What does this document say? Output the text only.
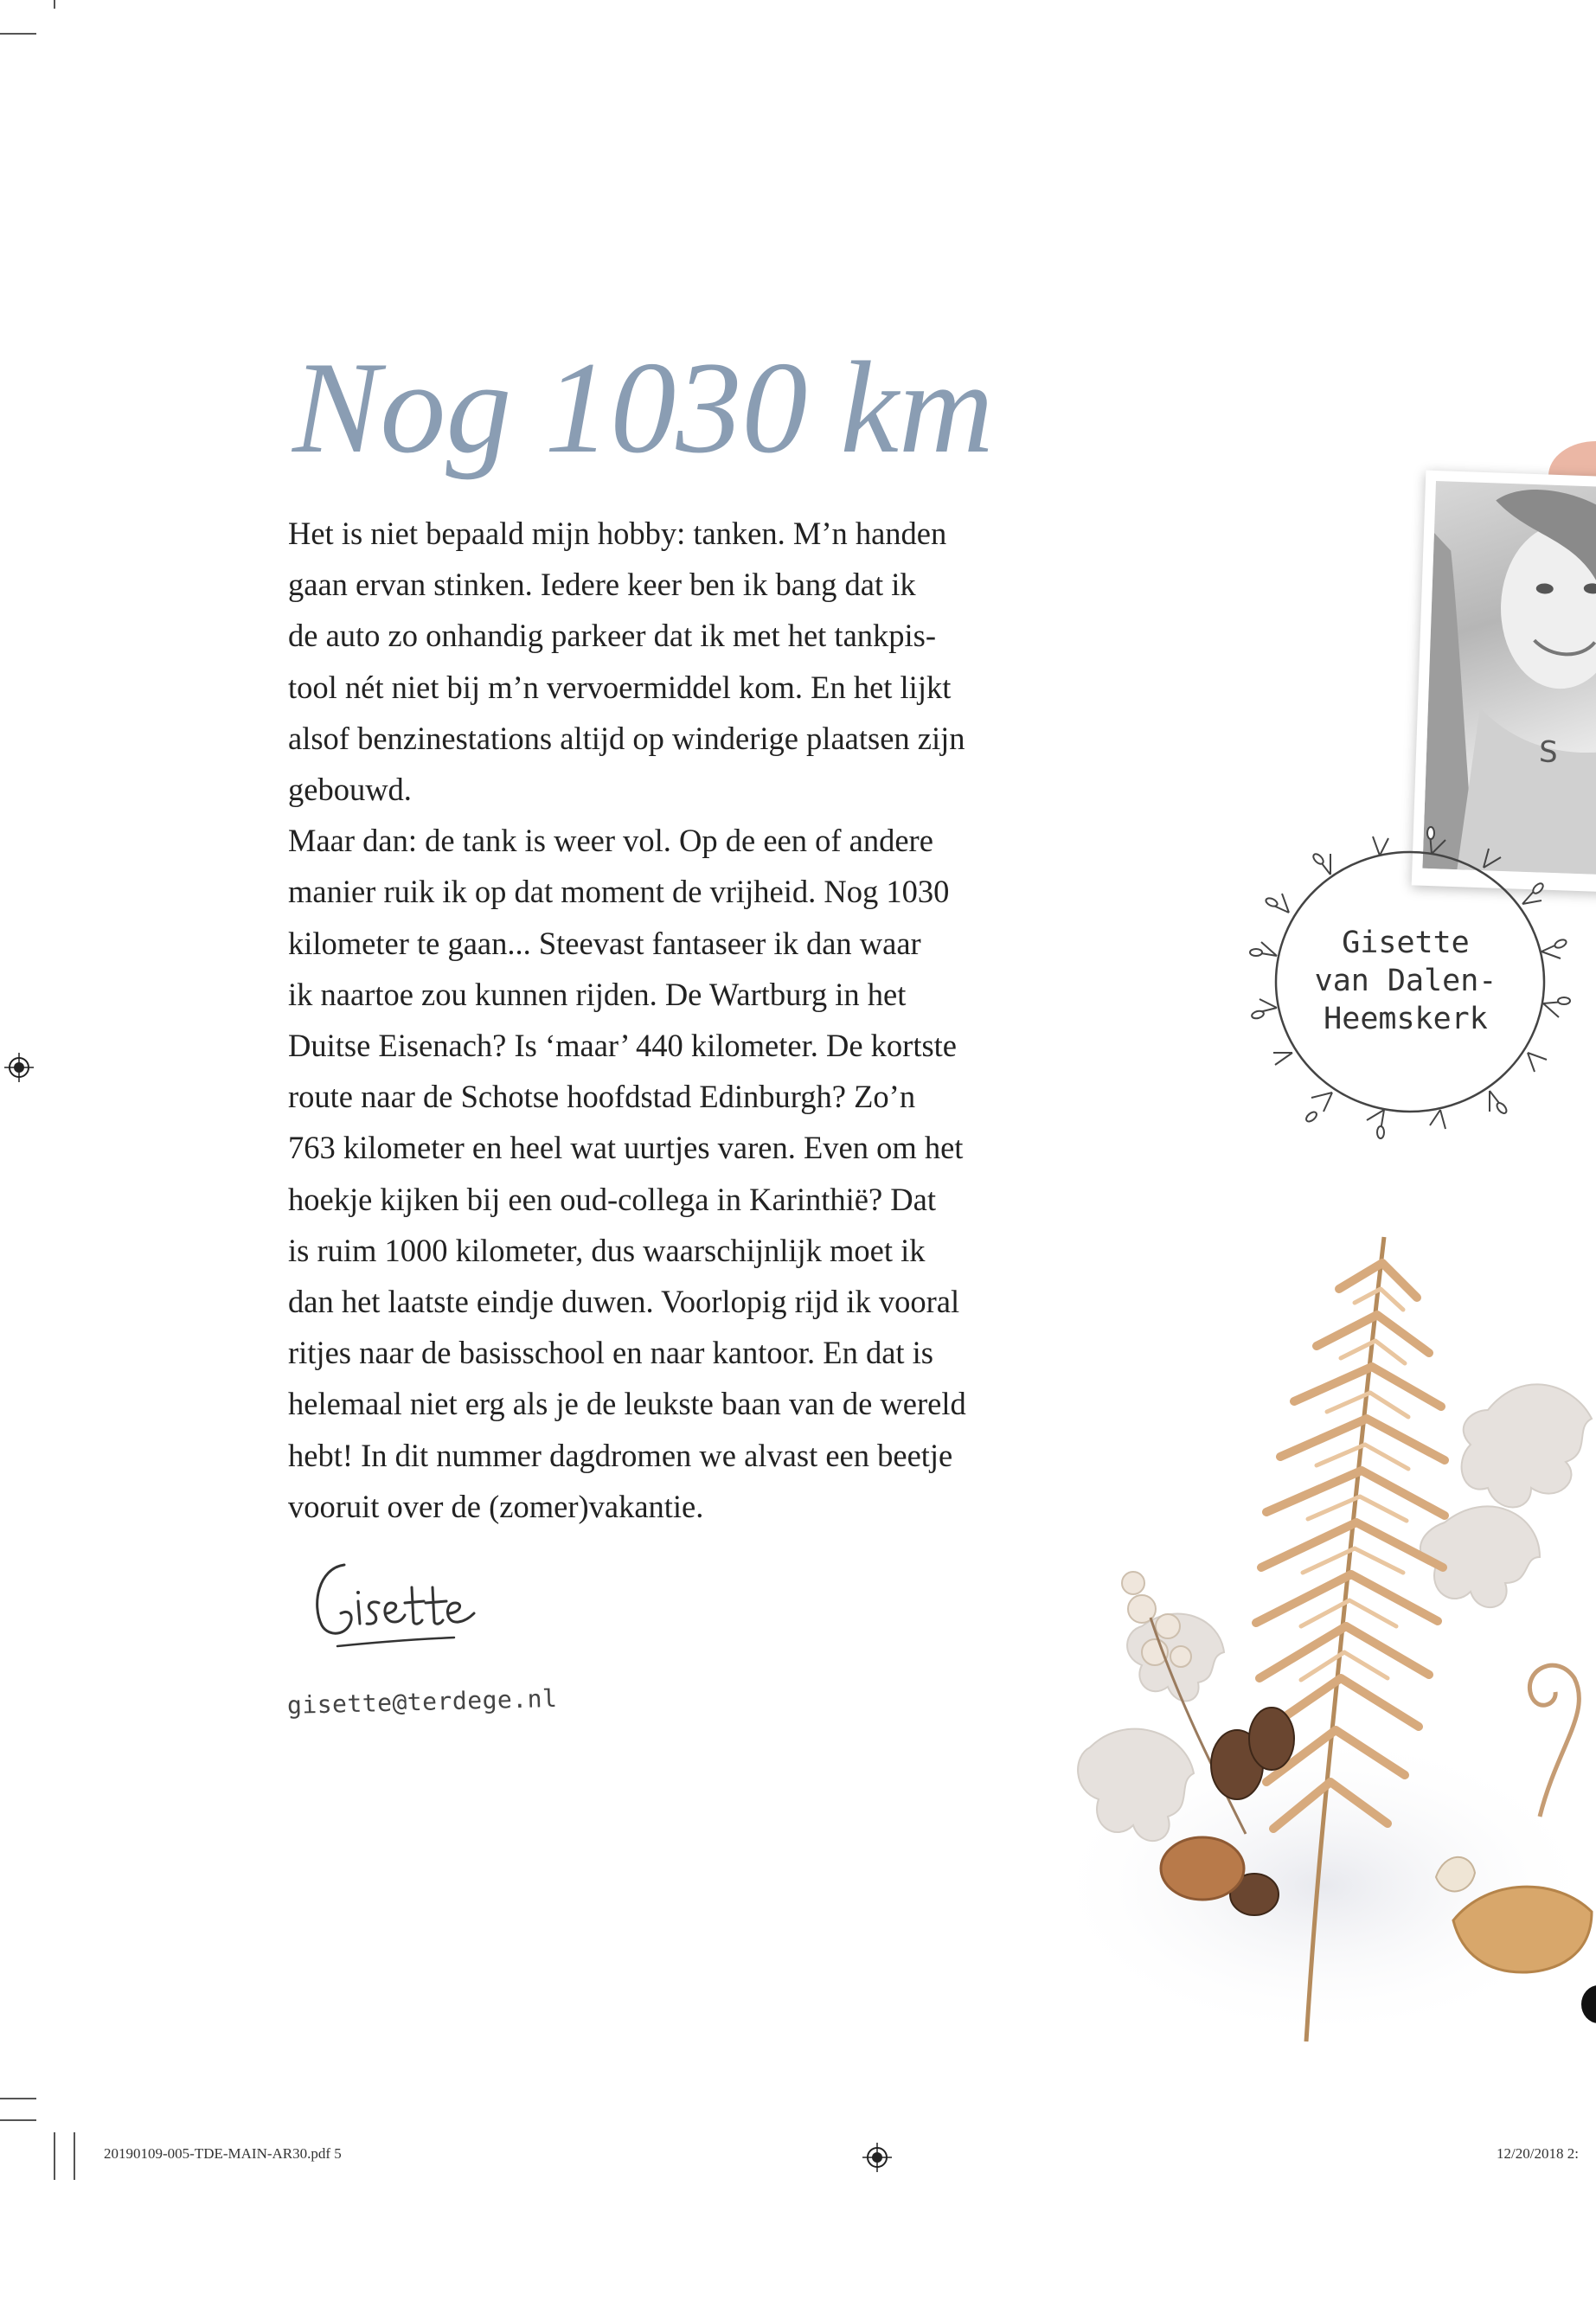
Nog 1030 km
Het is niet bepaald mijn hobby: tanken. M’n handen
gaan ervan stinken. Iedere keer ben ik bang dat ik
de auto zo onhandig parkeer dat ik met het tankpis-
tool nét niet bij m’n vervoermiddel kom. En het lijkt
alsof benzinestations altijd op winderige plaatsen zijn
gebouwd.
Maar dan: de tank is weer vol. Op de een of andere
manier ruik ik op dat moment de vrijheid. Nog 1030
kilometer te gaan... Steevast fantaseer ik dan waar
ik naartoe zou kunnen rijden. De Wartburg in het
Duitse Eisenach? Is ‘maar’ 440 kilometer. De kortste
route naar de Schotse hoofdstad Edinburgh? Zo’n
763 kilometer en heel wat uurtjes varen. Even om het
hoekje kijken bij een oud-collega in Karinthië? Dat
is ruim 1000 kilometer, dus waarschijnlijk moet ik
dan het laatste eindje duwen. Voorlopig rijd ik vooral
ritjes naar de basisschool en naar kantoor. En dat is
helemaal niet erg als je de leukste baan van de wereld
hebt! In dit nummer dagdromen we alvast een beetje
vooruit over de (zomer)vakantie.
gisette@terdege.nl
S
Gisette
van Dalen-
Heemskerk
20190109-005-TDE-MAIN-AR30.pdf 5	12/20/2018 2:
